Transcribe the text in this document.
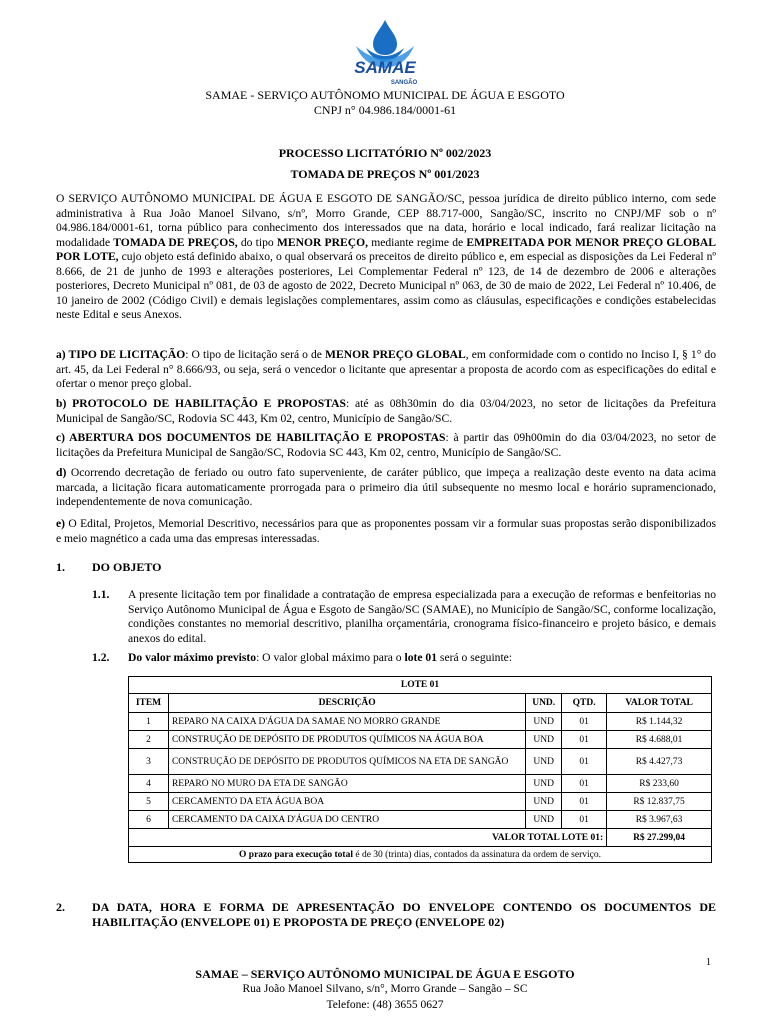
SAMAE
SANGÃO
SAMAE - SERVIÇO AUTÔNOMO MUNICIPAL DE ÁGUA E ESGOTO
CNPJ n° 04.986.184/0001-61
PROCESSO LICITATÓRIO Nº 002/2023
TOMADA DE PREÇOS Nº 001/2023
O SERVIÇO AUTÔNOMO MUNICIPAL DE ÁGUA E ESGOTO DE SANGÃO/SC, pessoa jurídica de direito público interno, com sede administrativa à Rua João Manoel Silvano, s/nº, Morro Grande, CEP 88.717-000, Sangão/SC, inscrito no CNPJ/MF sob o nº 04.986.184/0001-61, torna público para conhecimento dos interessados que na data, horário e local indicado, fará realizar licitação na modalidade TOMADA DE PREÇOS, do tipo MENOR PREÇO, mediante regime de EMPREITADA POR MENOR PREÇO GLOBAL POR LOTE, cujo objeto está definido abaixo, o qual observará os preceitos de direito público e, em especial as disposições da Lei Federal nº 8.666, de 21 de junho de 1993 e alterações posteriores, Lei Complementar Federal nº 123, de 14 de dezembro de 2006 e alterações posteriores, Decreto Municipal nº 081, de 03 de agosto de 2022, Decreto Municipal nº 063, de 30 de maio de 2022, Lei Federal nº 10.406, de 10 janeiro de 2002 (Código Civil) e demais legislações complementares, assim como as cláusulas, especificações e condições estabelecidas neste Edital e seus Anexos.
a) TIPO DE LICITAÇÃO: O tipo de licitação será o de MENOR PREÇO GLOBAL, em conformidade com o contido no Inciso I, § 1° do art. 45, da Lei Federal n° 8.666/93, ou seja, será o vencedor o licitante que apresentar a proposta de acordo com as especificações do edital e ofertar o menor preço global.
b) PROTOCOLO DE HABILITAÇÃO E PROPOSTAS: até as 08h30min do dia 03/04/2023, no setor de licitações da Prefeitura Municipal de Sangão/SC, Rodovia SC 443, Km 02, centro, Município de Sangão/SC.
c) ABERTURA DOS DOCUMENTOS DE HABILITAÇÃO E PROPOSTAS: à partir das 09h00min do dia 03/04/2023, no setor de licitações da Prefeitura Municipal de Sangão/SC, Rodovia SC 443, Km 02, centro, Município de Sangão/SC.
d) Ocorrendo decretação de feriado ou outro fato superveniente, de caráter público, que impeça a realização deste evento na data acima marcada, a licitação ficara automaticamente prorrogada para o primeiro dia útil subsequente no mesmo local e horário supramencionado, independentemente de nova comunicação.
e) O Edital, Projetos, Memorial Descritivo, necessários para que as proponentes possam vir a formular suas propostas serão disponibilizados e meio magnético a cada uma das empresas interessadas.
1. DO OBJETO
1.1. A presente licitação tem por finalidade a contratação de empresa especializada para a execução de reformas e benfeitorias no Serviço Autônomo Municipal de Água e Esgoto de Sangão/SC (SAMAE), no Município de Sangão/SC, conforme localização, condições constantes no memorial descritivo, planilha orçamentária, cronograma físico-financeiro e projeto básico, e demais anexos do edital.
1.2. Do valor máximo previsto: O valor global máximo para o lote 01 será o seguinte:
LOTE 01				
ITEM	DESCRIÇÃO	UND.	QTD.	VALOR TOTAL
1	REPARO NA CAIXA D'ÁGUA DA SAMAE NO MORRO GRANDE	UND	01	R$ 1.144,32
2	CONSTRUÇÃO DE DEPÓSITO DE PRODUTOS QUÍMICOS NA ÁGUA BOA	UND	01	R$ 4.688,01
3	CONSTRUÇÃO DE DEPÓSITO DE PRODUTOS QUÍMICOS NA ETA DE SANGÃO	UND	01	R$ 4.427,73
4	REPARO NO MURO DA ETA DE SANGÃO	UND	01	R$ 233,60
5	CERCAMENTO DA ETA ÁGUA BOA	UND	01	R$ 12.837,75
6	CERCAMENTO DA CAIXA D'ÁGUA DO CENTRO	UND	01	R$ 3.967,63
VALOR TOTAL LOTE 01:				R$ 27.299,04
O prazo para execução total é de 30 (trinta) dias, contados da assinatura da ordem de serviço.				
2. DA DATA, HORA E FORMA DE APRESENTAÇÃO DO ENVELOPE CONTENDO OS DOCUMENTOS DE HABILITAÇÃO (ENVELOPE 01) E PROPOSTA DE PREÇO (ENVELOPE 02)
1
SAMAE – SERVIÇO AUTÔNOMO MUNICIPAL DE ÁGUA E ESGOTO
Rua João Manoel Silvano, s/n°, Morro Grande – Sangão – SC
Telefone: (48) 3655 0627
